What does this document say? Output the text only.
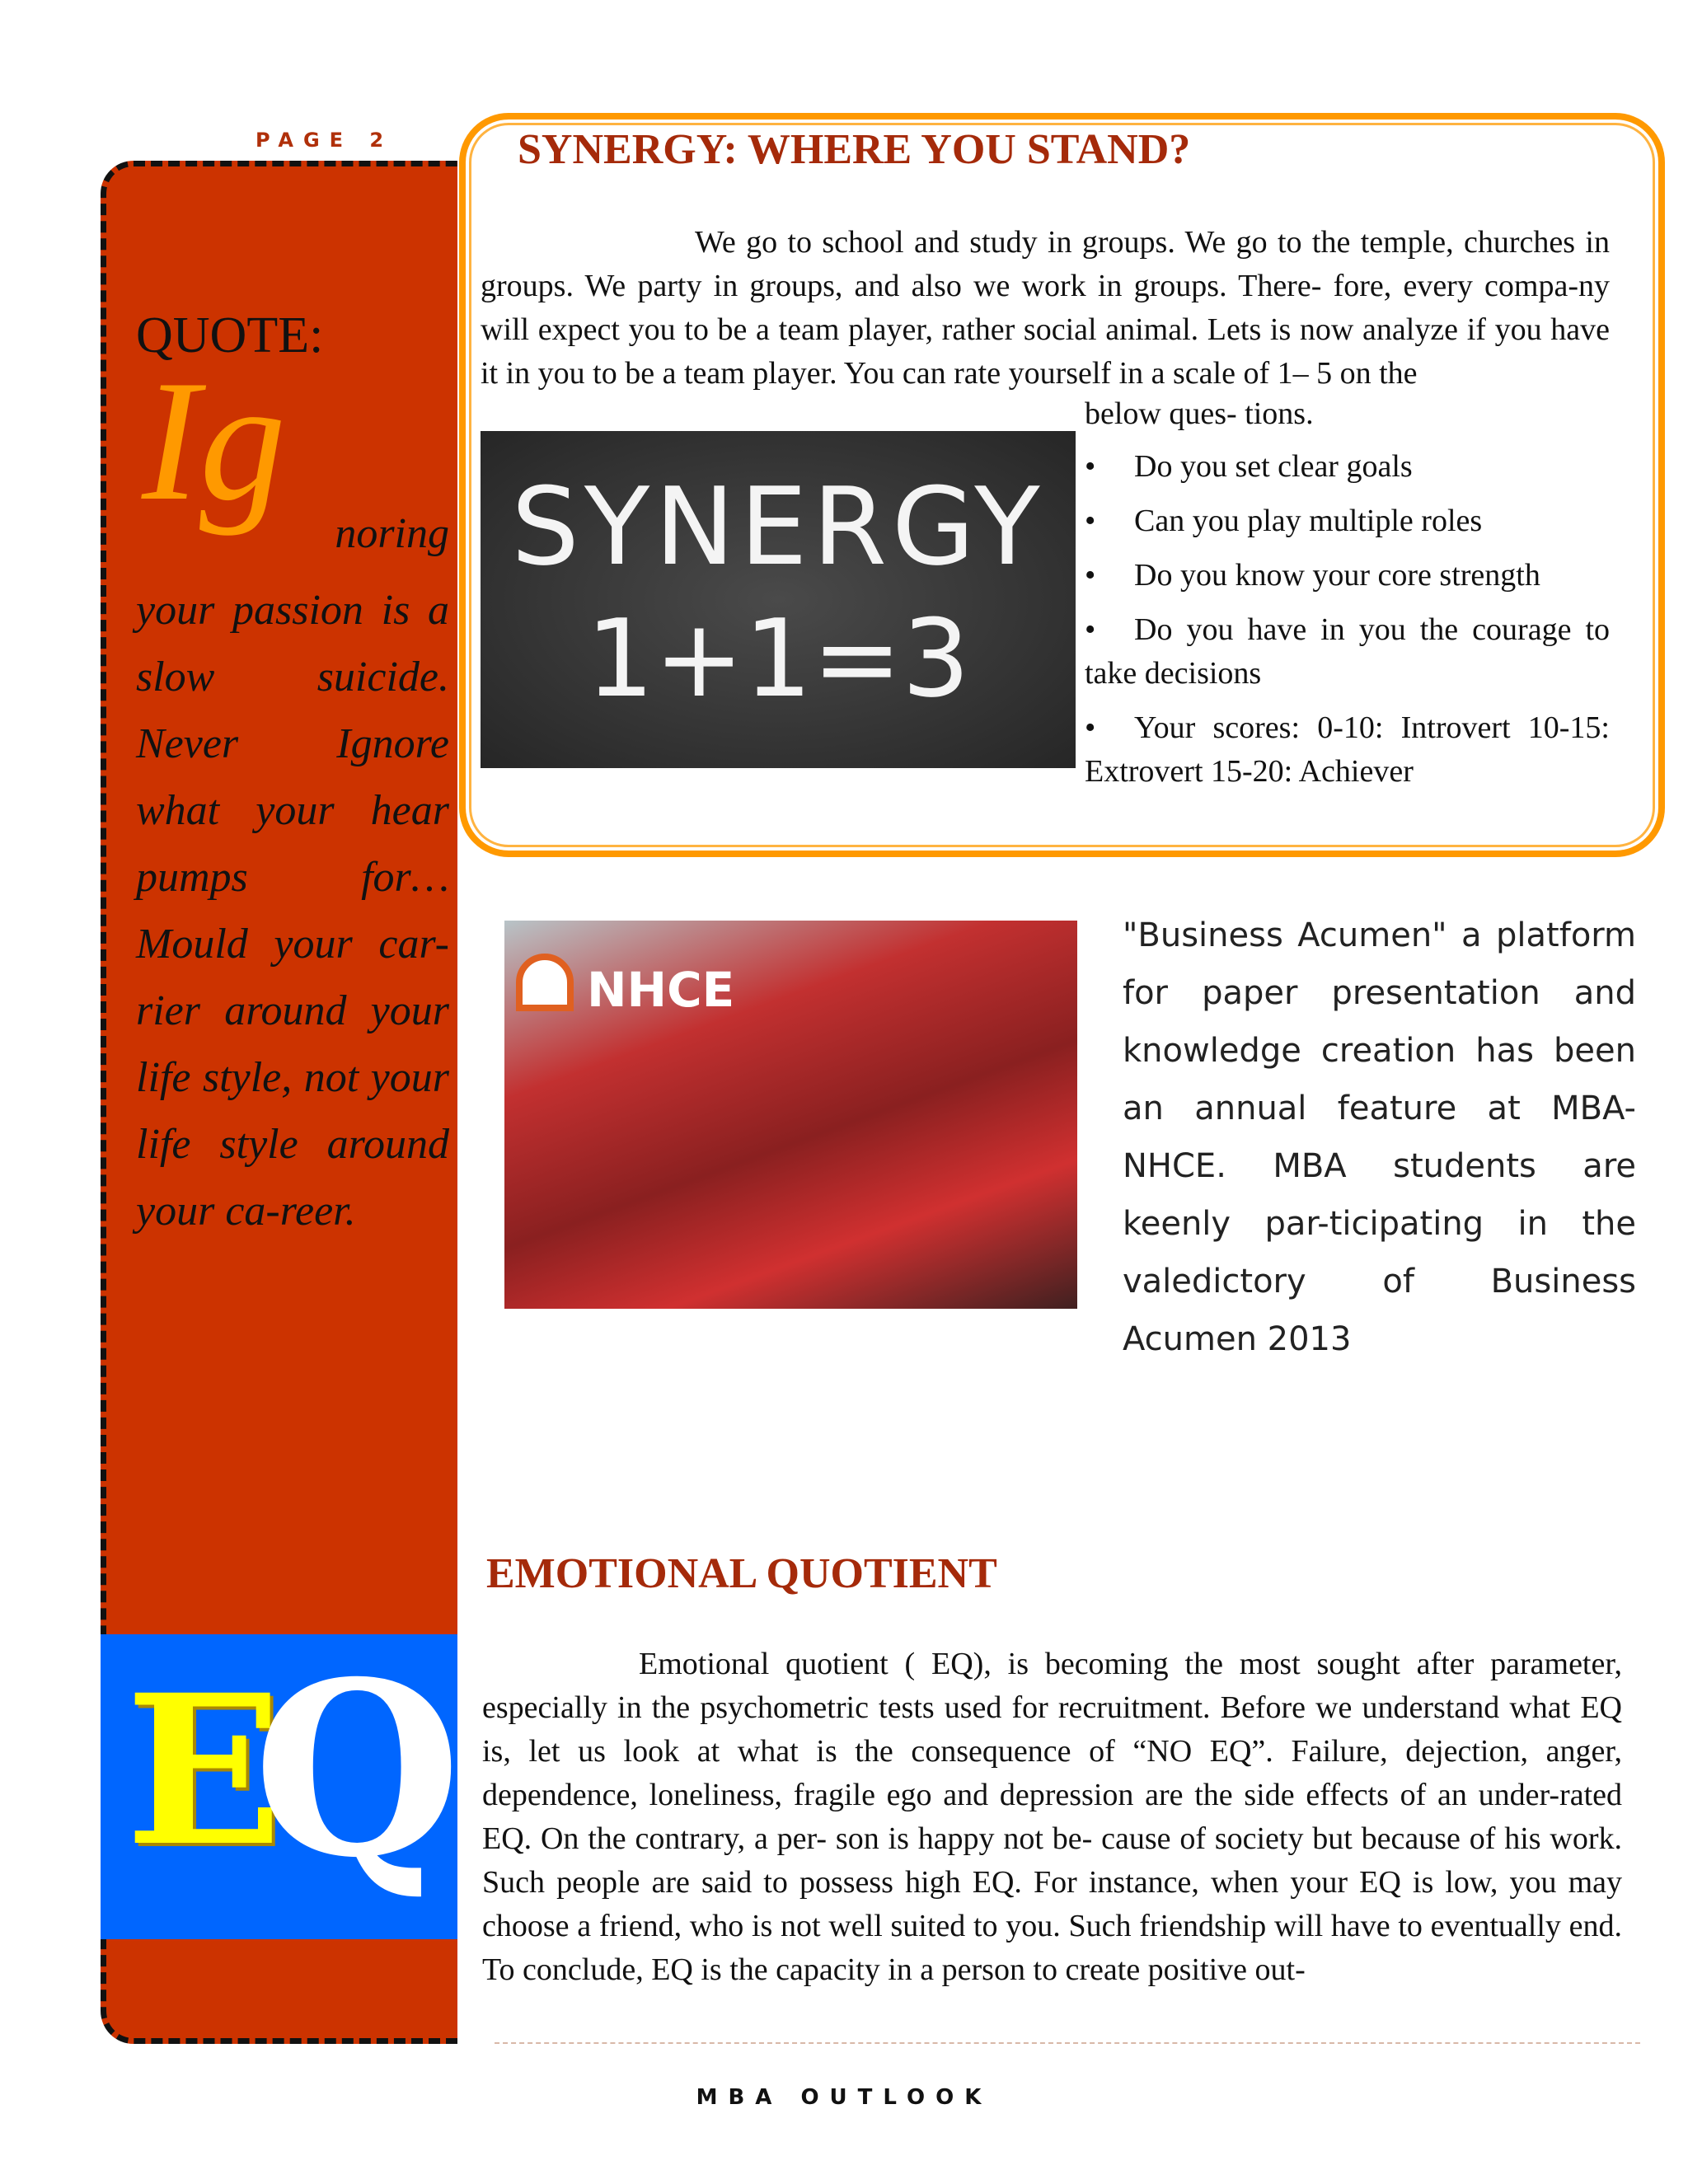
PAGE 2
QUOTE:
Ig	noring
your passion is a slow suicide. Never Ignore what your hear pumps for… Mould your car-rier around your life style, not your life style around your ca-reer.
E
Q
SYNERGY: WHERE YOU STAND?
We go to school and study in groups. We go to the temple, churches in groups. We party in groups, and also we work in groups. There- fore, every compa-ny will expect you to be a team player, rather social animal. Lets is now analyze if you have it in you to be a team player. You can rate yourself in a scale of 1– 5 on the
below ques- tions.
SYNERGY
1+1=3
• Do you set clear goals
• Can you play multiple roles
• Do you know your core strength
• Do you have in you the courage to take decisions
• Your scores: 0-10: Introvert 10-15: Extrovert 15-20: Achiever
NHCE
"Business Acumen" a platform for paper presentation and knowledge creation has been an annual feature at MBA-NHCE. MBA students are keenly par-ticipating in the valedictory of Business Acumen 2013
EMOTIONAL QUOTIENT
Emotional quotient ( EQ), is becoming the most sought after parameter, especially in the psychometric tests used for recruitment. Before we understand what EQ is, let us look at what is the consequence of “NO EQ”. Failure, dejection, anger, dependence, loneliness, fragile ego and depression are the side effects of an under-rated EQ. On the contrary, a per- son is happy not be- cause of society but because of his work. Such people are said to possess high EQ. For instance, when your EQ is low, you may choose a friend, who is not well suited to you. Such friendship will have to eventually end. To conclude, EQ is the capacity in a person to create positive out-
MBA OUTLOOK
